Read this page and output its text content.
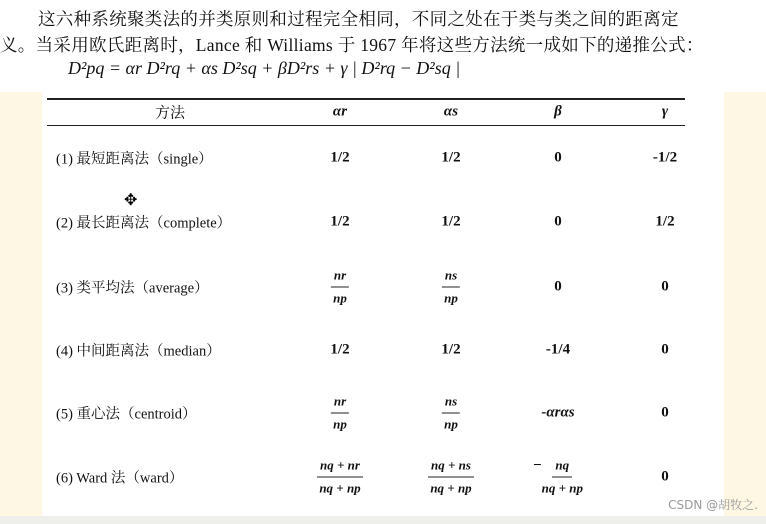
这六种系统聚类法的并类原则和过程完全相同，不同之处在于类与类之间的距离定
义。当采用欧氏距离时，Lance 和 Williams 于 1967 年将这些方法统一成如下的递推公式：
D²pq = αr D²rq + αs D²sq + βD²rs + γ | D²rq − D²sq |
方法	αr	αs	β	γ
(1) 最短距离法（single）	1/2	1/2	0	-1/2
(2) 最长距离法（complete）	1/2	1/2	0	1/2
(3) 类平均法（average）	$\frac{nr}{np}$	$\frac{ns}{np}$	0	0
(4) 中间距离法（median）	1/2	1/2	-1/4	0
(5) 重心法（centroid）	$\frac{nr}{np}$	$\frac{ns}{np}$	-αrαs	0
(6) Ward 法（ward）	$\frac{nq + nr}{nq + np}$	$\frac{nq + ns}{nq + np}$	− $\frac{nq}{nq + np}$	0
✥
CSDN @胡牧之.
